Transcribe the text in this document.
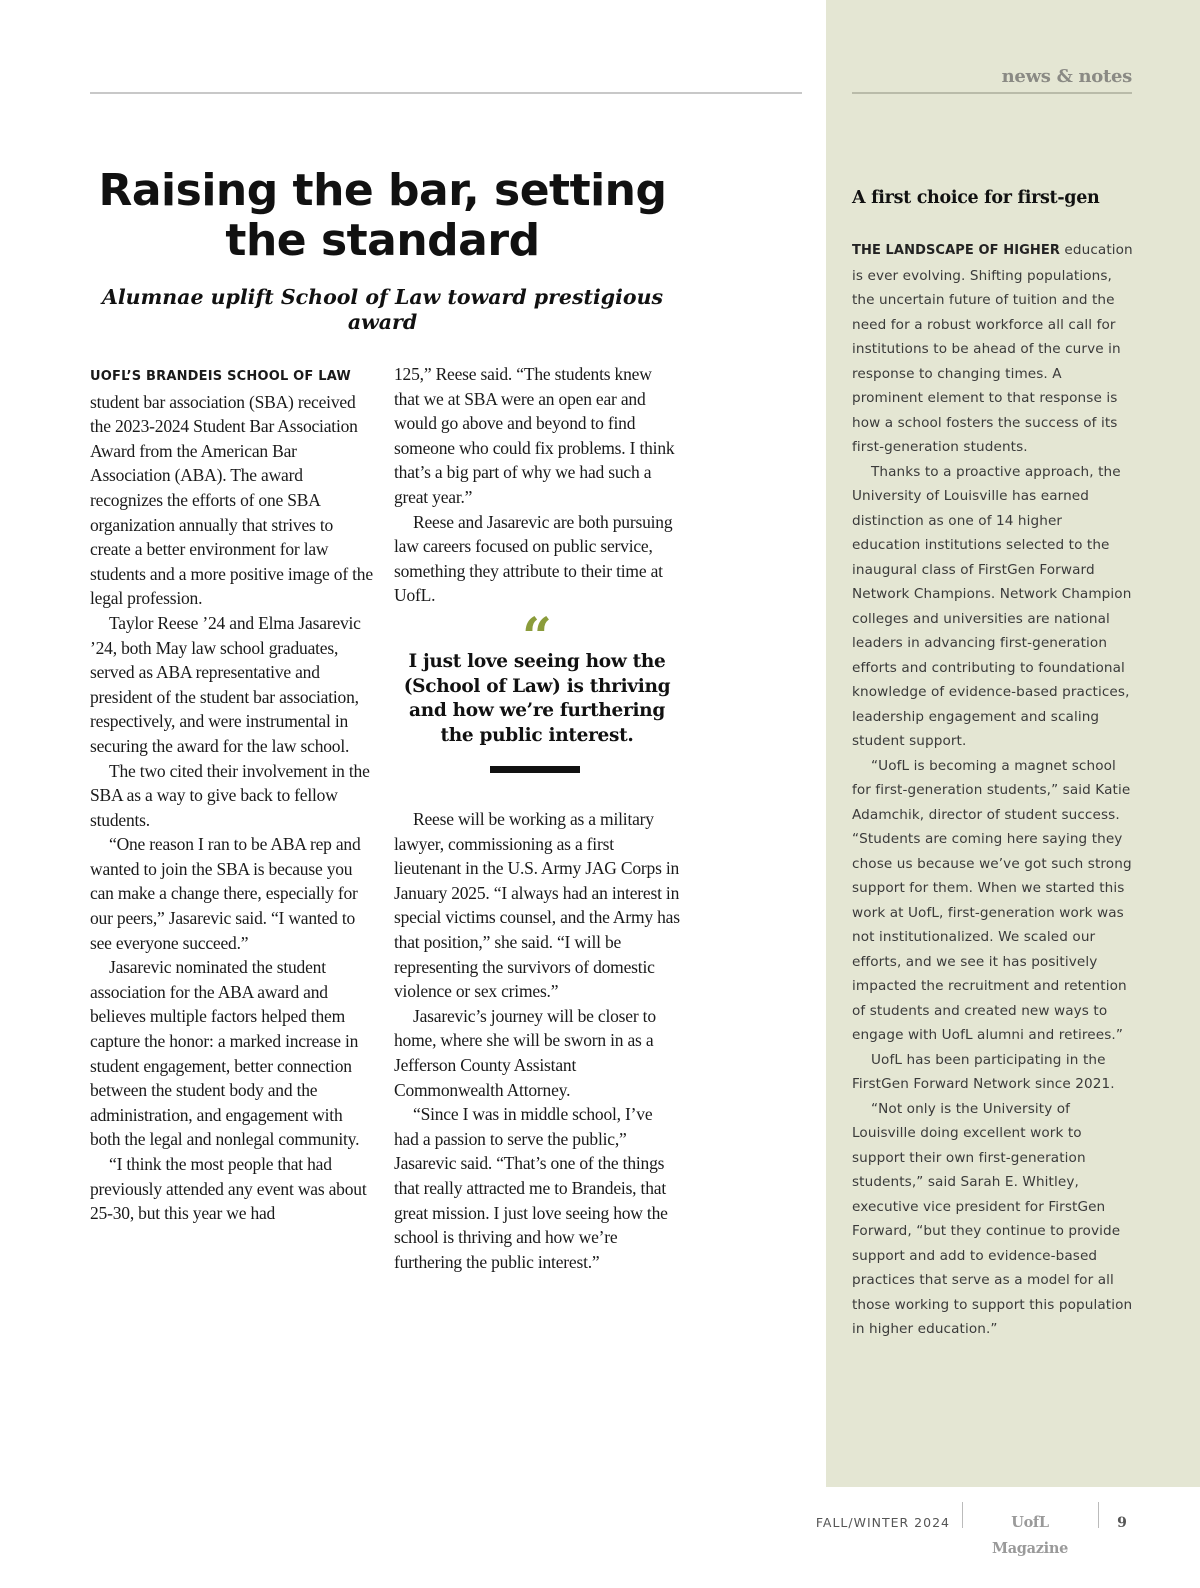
news & notes
Raising the bar, setting the standard
Alumnae uplift School of Law toward prestigious award

UOFL’S BRANDEIS SCHOOL OF LAW student bar association (SBA) received the 2023-2024 Student Bar Association Award from the American Bar Association (ABA). The award recognizes the efforts of one SBA organization annually that strives to create a better environment for law students and a more positive image of the legal profession.

Taylor Reese ’24 and Elma Jasarevic ’24, both May law school graduates, served as ABA representative and president of the student bar association, respectively, and were instrumental in securing the award for the law school.

The two cited their involvement in the SBA as a way to give back to fellow students.

“One reason I ran to be ABA rep and wanted to join the SBA is because you can make a change there, especially for our peers,” Jasarevic said. “I wanted to see everyone succeed.”

Jasarevic nominated the student association for the ABA award and believes multiple factors helped them capture the honor: a marked increase in student engagement, better connection between the student body and the administration, and engagement with both the legal and nonlegal community.

“I think the most people that had previously attended any event was about 25-30, but this year we had

125,” Reese said. “The students knew that we at SBA were an open ear and would go above and beyond to find someone who could fix problems. I think that’s a big part of why we had such a great year.”

Reese and Jasarevic are both pursuing law careers focused on public service, something they attribute to their time at UofL.

“

I just love seeing how the (School of Law) is thriving and how we’re furthering the public interest.

Reese will be working as a military lawyer, commissioning as a first lieutenant in the U.S. Army JAG Corps in January 2025. “I always had an interest in special victims counsel, and the Army has that position,” she said. “I will be representing the survivors of domestic violence or sex crimes.”

Jasarevic’s journey will be closer to home, where she will be sworn in as a Jefferson County Assistant Commonwealth Attorney.

“Since I was in middle school, I’ve had a passion to serve the public,” Jasarevic said. “That’s one of the things that really attracted me to Brandeis, that great mission. I just love seeing how the school is thriving and how we’re furthering the public interest.”

A first choice for first-gen

THE LANDSCAPE OF HIGHER education is ever evolving. Shifting populations, the uncertain future of tuition and the need for a robust workforce all call for institutions to be ahead of the curve in response to changing times. A prominent element to that response is how a school fosters the success of its first-generation students.

Thanks to a proactive approach, the University of Louisville has earned distinction as one of 14 higher education institutions selected to the inaugural class of FirstGen Forward Network Champions. Network Champion colleges and universities are national leaders in advancing first-generation efforts and contributing to foundational knowledge of evidence-based practices, leadership engagement and scaling student support.

“UofL is becoming a magnet school for first-generation students,” said Katie Adamchik, director of student success. “Students are coming here saying they chose us because we’ve got such strong support for them. When we started this work at UofL, first-generation work was not institutionalized. We scaled our efforts, and we see it has positively impacted the recruitment and retention of students and created new ways to engage with UofL alumni and retirees.”

UofL has been participating in the FirstGen Forward Network since 2021.

“Not only is the University of Louisville doing excellent work to support their own first-generation students,” said Sarah E. Whitley, executive vice president for FirstGen Forward, “but they continue to provide support and add to evidence-based practices that serve as a model for all those working to support this population in higher education.”

FALL/WINTER 2024	UofL Magazine
9
